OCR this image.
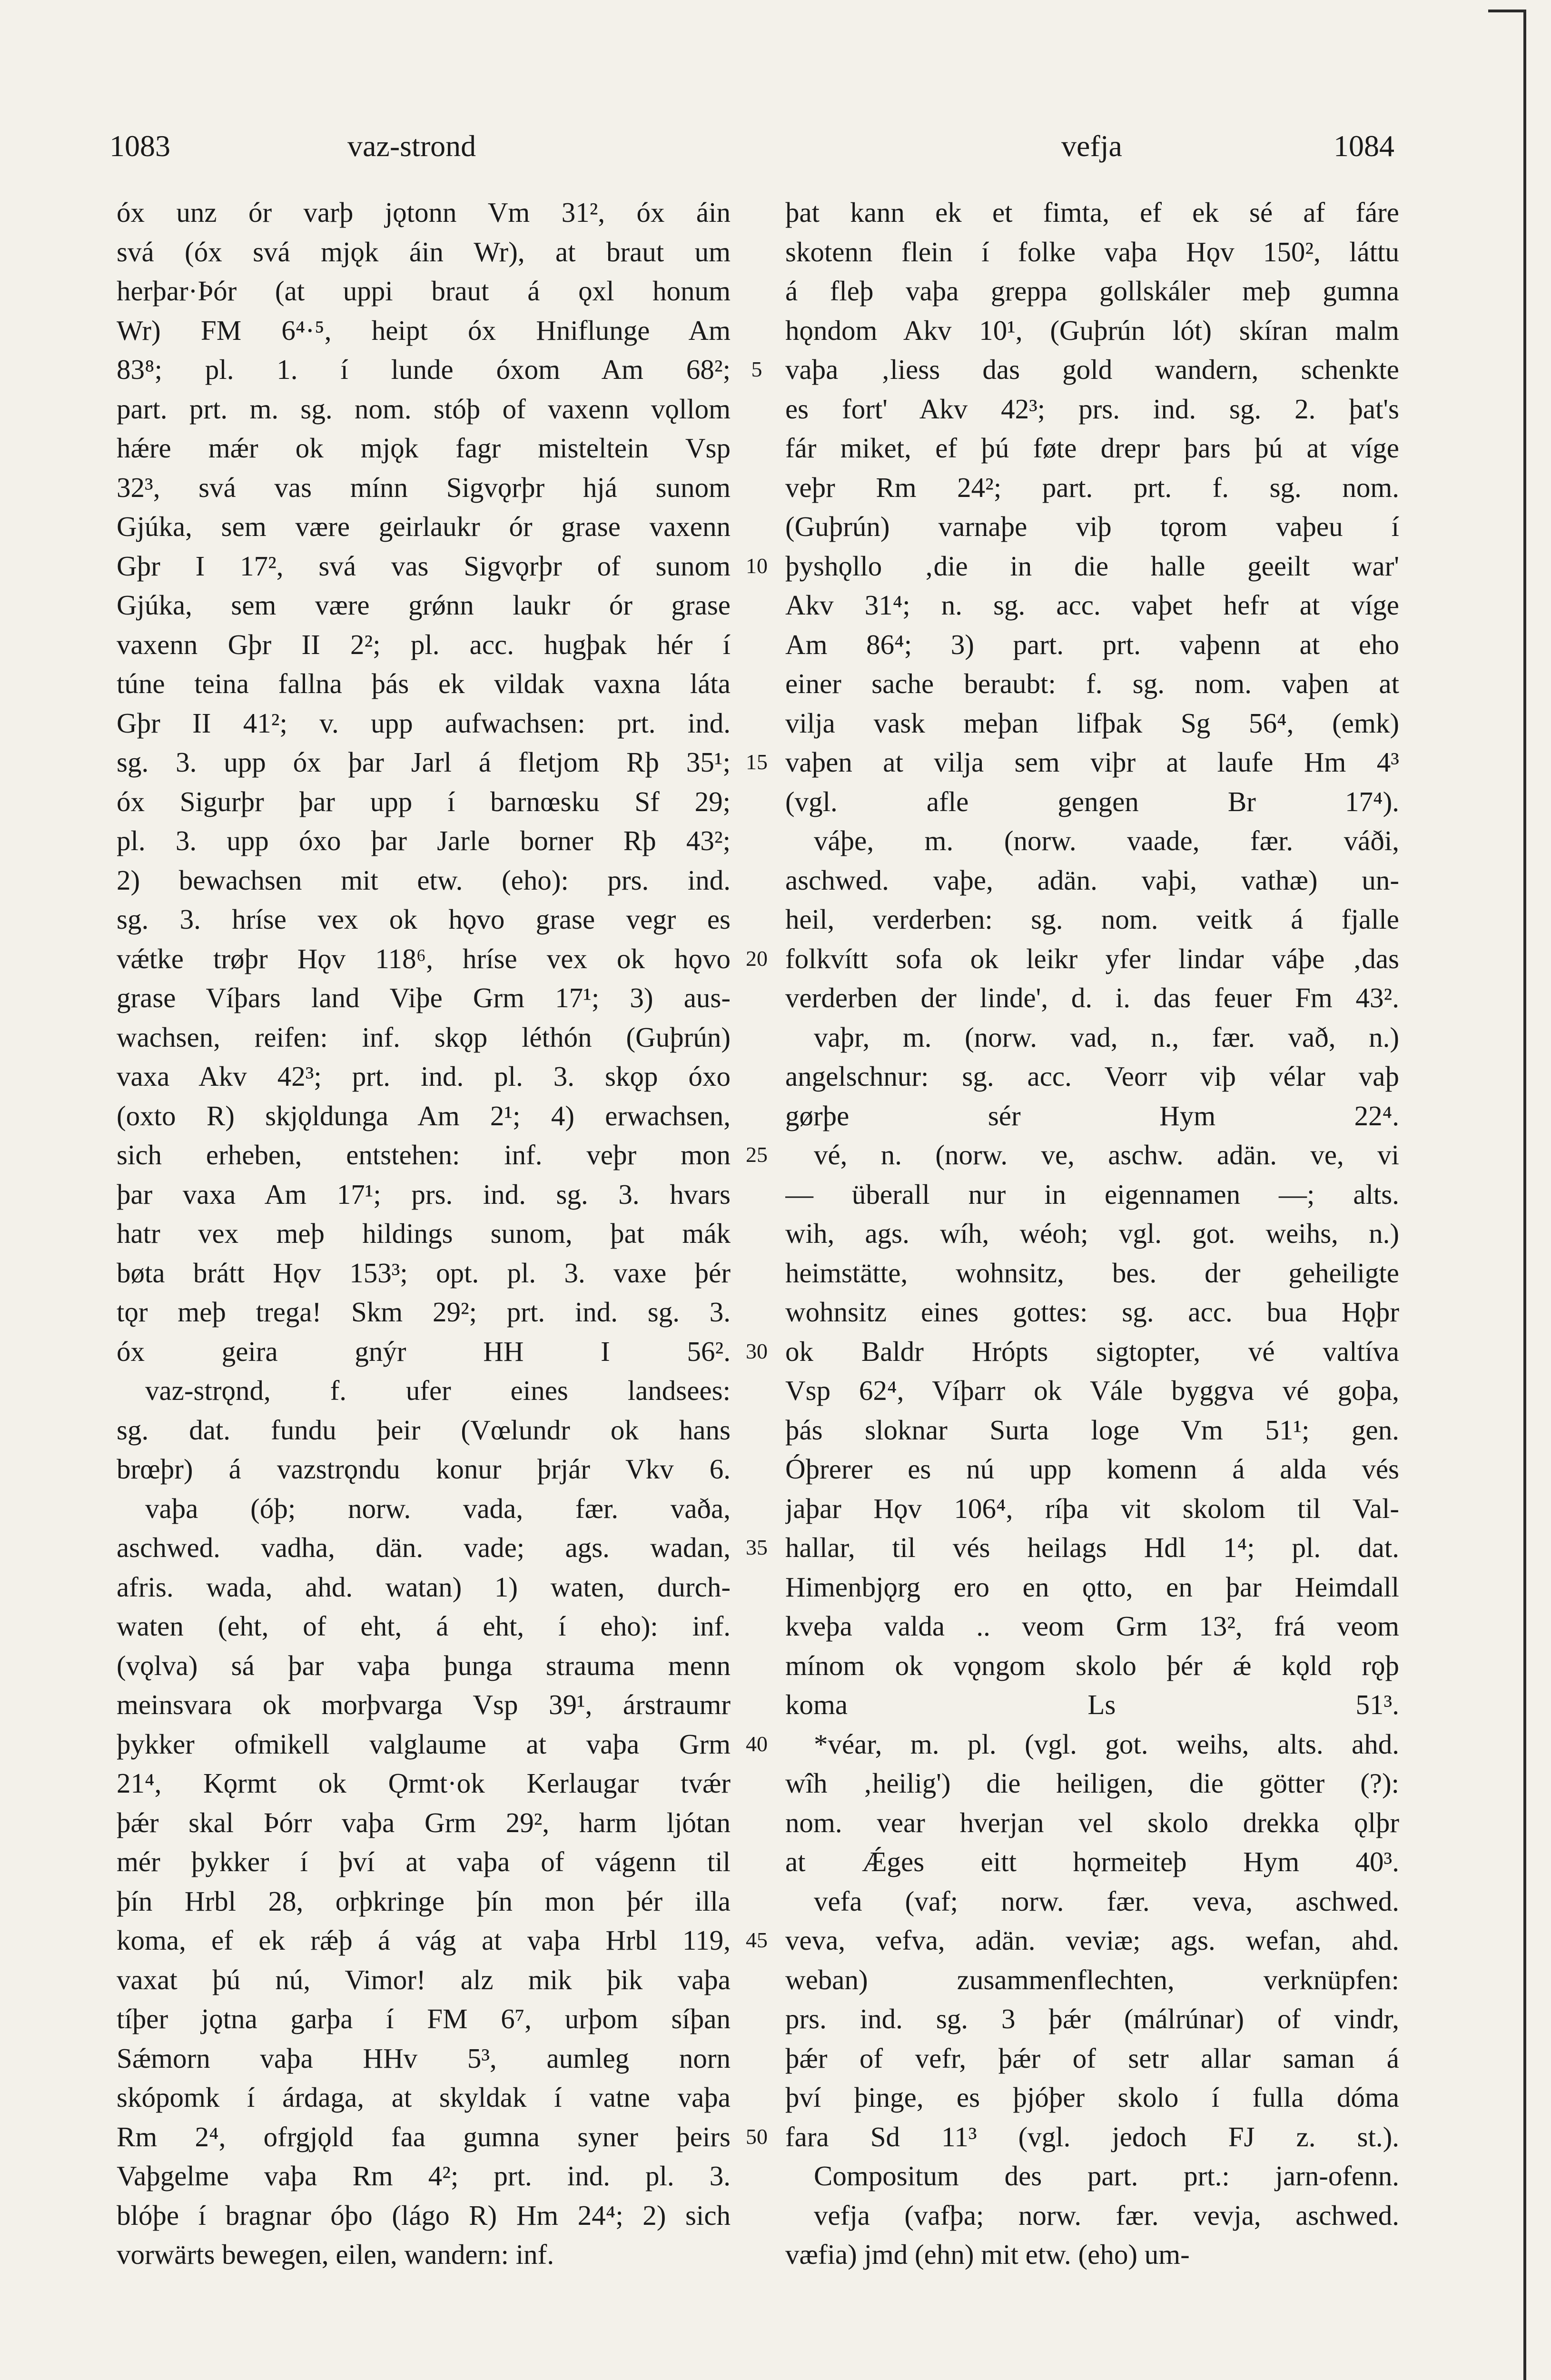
1083	vaz-strond	vefja	1084
óx unz ór varþ jǫtonn Vm 31², óx áin
svá (óx svá mjǫk áin Wr), at braut um
herþar·Þór (at uppi braut á ǫxl honum
Wr) FM 6⁴·⁵, heipt óx Hniflunge Am
83⁸; pl. 1. í lunde óxom Am 68²;
part. prt. m. sg. nom. stóþ of vaxenn vǫllom
hǽre mǽr ok mjǫk fagr misteltein Vsp
32³, svá vas mínn Sigvǫrþr hjá sunom
Gjúka, sem være geirlaukr ór grase vaxenn
Gþr I 17², svá vas Sigvǫrþr of sunom
Gjúka, sem være grǿnn laukr ór grase
vaxenn Gþr II 2²; pl. acc. hugþak hér í
túne teina fallna þás ek vildak vaxna láta
Gþr II 41²; v. upp aufwachsen: prt. ind.
sg. 3. upp óx þar Jarl á fletjom Rþ 35¹;
óx Sigurþr þar upp í barnœsku Sf 29;
pl. 3. upp óxo þar Jarle borner Rþ 43²;
2) bewachsen mit etw. (eho): prs. ind.
sg. 3. hríse vex ok hǫvo grase vegr es
vǽtke trøþr Hǫv 118⁶, hríse vex ok hǫvo
grase Víþars land Viþe Grm 17¹; 3) aus-
wachsen, reifen: inf. skǫp léthón (Guþrún)
vaxa Akv 42³; prt. ind. pl. 3. skǫp óxo
(oxto R) skjǫldunga Am 2¹; 4) erwachsen,
sich erheben, entstehen: inf. veþr mon
þar vaxa Am 17¹; prs. ind. sg. 3. hvars
hatr vex meþ hildings sunom, þat mák
bøta brátt Hǫv 153³; opt. pl. 3. vaxe þér
tǫr meþ trega! Skm 29²; prt. ind. sg. 3.
óx geira gnýr HH I 56².
vaz-strǫnd, f. ufer eines landsees:
sg. dat. fundu þeir (Vœlundr ok hans
brœþr) á vazstrǫndu konur þrjár Vkv 6.
vaþa (óþ; norw. vada, fær. vaða,
aschwed. vadha, dän. vade; ags. wadan,
afris. wada, ahd. watan) 1) waten, durch-
waten (eht, of eht, á eht, í eho): inf.
(vǫlva) sá þar vaþa þunga strauma menn
meinsvara ok morþvarga Vsp 39¹, árstraumr
þykker ofmikell valglaume at vaþa Grm
21⁴, Kǫrmt ok Ǫrmt·ok Kerlaugar tvǽr
þǽr skal Þórr vaþa Grm 29², harm ljótan
mér þykker í því at vaþa of vágenn til
þín Hrbl 28, orþkringe þín mon þér illa
koma, ef ek rǽþ á vág at vaþa Hrbl 119,
vaxat þú nú, Vimor! alz mik þik vaþa
tíþer jǫtna garþa í FM 6⁷, urþom síþan
Sǽmorn vaþa HHv 5³, aumleg norn
skópomk í árdaga, at skyldak í vatne vaþa
Rm 2⁴, ofrgjǫld faa gumna syner þeirs
Vaþgelme vaþa Rm 4²; prt. ind. pl. 3.
blóþe í bragnar óþo (lágo R) Hm 24⁴; 2) sich
vorwärts bewegen, eilen, wandern: inf.
5
10
15
20
25
30
35
40
45
50
þat kann ek et fimta, ef ek sé af fáre
skotenn flein í folke vaþa Hǫv 150², láttu
á fleþ vaþa greppa gollskáler meþ gumna
hǫndom Akv 10¹, (Guþrún lót) skíran malm
vaþa ‚liess das gold wandern, schenkte
es fort' Akv 42³; prs. ind. sg. 2. þat's
fár miket, ef þú føte drepr þars þú at víge
veþr Rm 24²; part. prt. f. sg. nom.
(Guþrún) varnaþe viþ tǫrom vaþeu í
þyshǫllo ‚die in die halle geeilt war'
Akv 31⁴; n. sg. acc. vaþet hefr at víge
Am 86⁴; 3) part. prt. vaþenn at eho
einer sache beraubt: f. sg. nom. vaþen at
vilja vask meþan lifþak Sg 56⁴, (emk)
vaþen at vilja sem viþr at laufe Hm 4³
(vgl. afle gengen Br 17⁴).
váþe, m. (norw. vaade, fær. váði,
aschwed. vaþe, adän. vaþi, vathæ) un-
heil, verderben: sg. nom. veitk á fjalle
folkvítt sofa ok leikr yfer lindar váþe ‚das
verderben der linde', d. i. das feuer Fm 43².
vaþr, m. (norw. vad, n., fær. vað, n.)
angelschnur: sg. acc. Veorr viþ vélar vaþ
gørþe sér Hym 22⁴.
vé, n. (norw. ve, aschw. adän. ve, vi
— überall nur in eigennamen —; alts.
wih, ags. wíh, wéoh; vgl. got. weihs, n.)
heimstätte, wohnsitz, bes. der geheiligte
wohnsitz eines gottes: sg. acc. bua Hǫþr
ok Baldr Hrópts sigtopter, vé valtíva
Vsp 62⁴, Víþarr ok Vále byggva vé goþa,
þás sloknar Surta loge Vm 51¹; gen.
Óþrerer es nú upp komenn á alda vés
jaþar Hǫv 106⁴, ríþa vit skolom til Val-
hallar, til vés heilags Hdl 1⁴; pl. dat.
Himenbjǫrg ero en ǫtto, en þar Heimdall
kveþa valda .. veom Grm 13², frá veom
mínom ok vǫngom skolo þér ǽ kǫld rǫþ
koma Ls 51³.
*véar, m. pl. (vgl. got. weihs, alts. ahd.
wîh ‚heilig') die heiligen, die götter (?):
nom. vear hverjan vel skolo drekka ǫlþr
at Ǽges eitt hǫrmeiteþ Hym 40³.
vefa (vaf; norw. fær. veva, aschwed.
veva, vefva, adän. veviæ; ags. wefan, ahd.
weban) zusammenflechten, verknüpfen:
prs. ind. sg. 3 þǽr (málrúnar) of vindr,
þǽr of vefr, þǽr of setr allar saman á
því þinge, es þjóþer skolo í fulla dóma
fara Sd 11³ (vgl. jedoch FJ z. st.).
Compositum des part. prt.: jarn-ofenn.
vefja (vafþa; norw. fær. vevja, aschwed.
væfia) jmd (ehn) mit etw. (eho) um-
